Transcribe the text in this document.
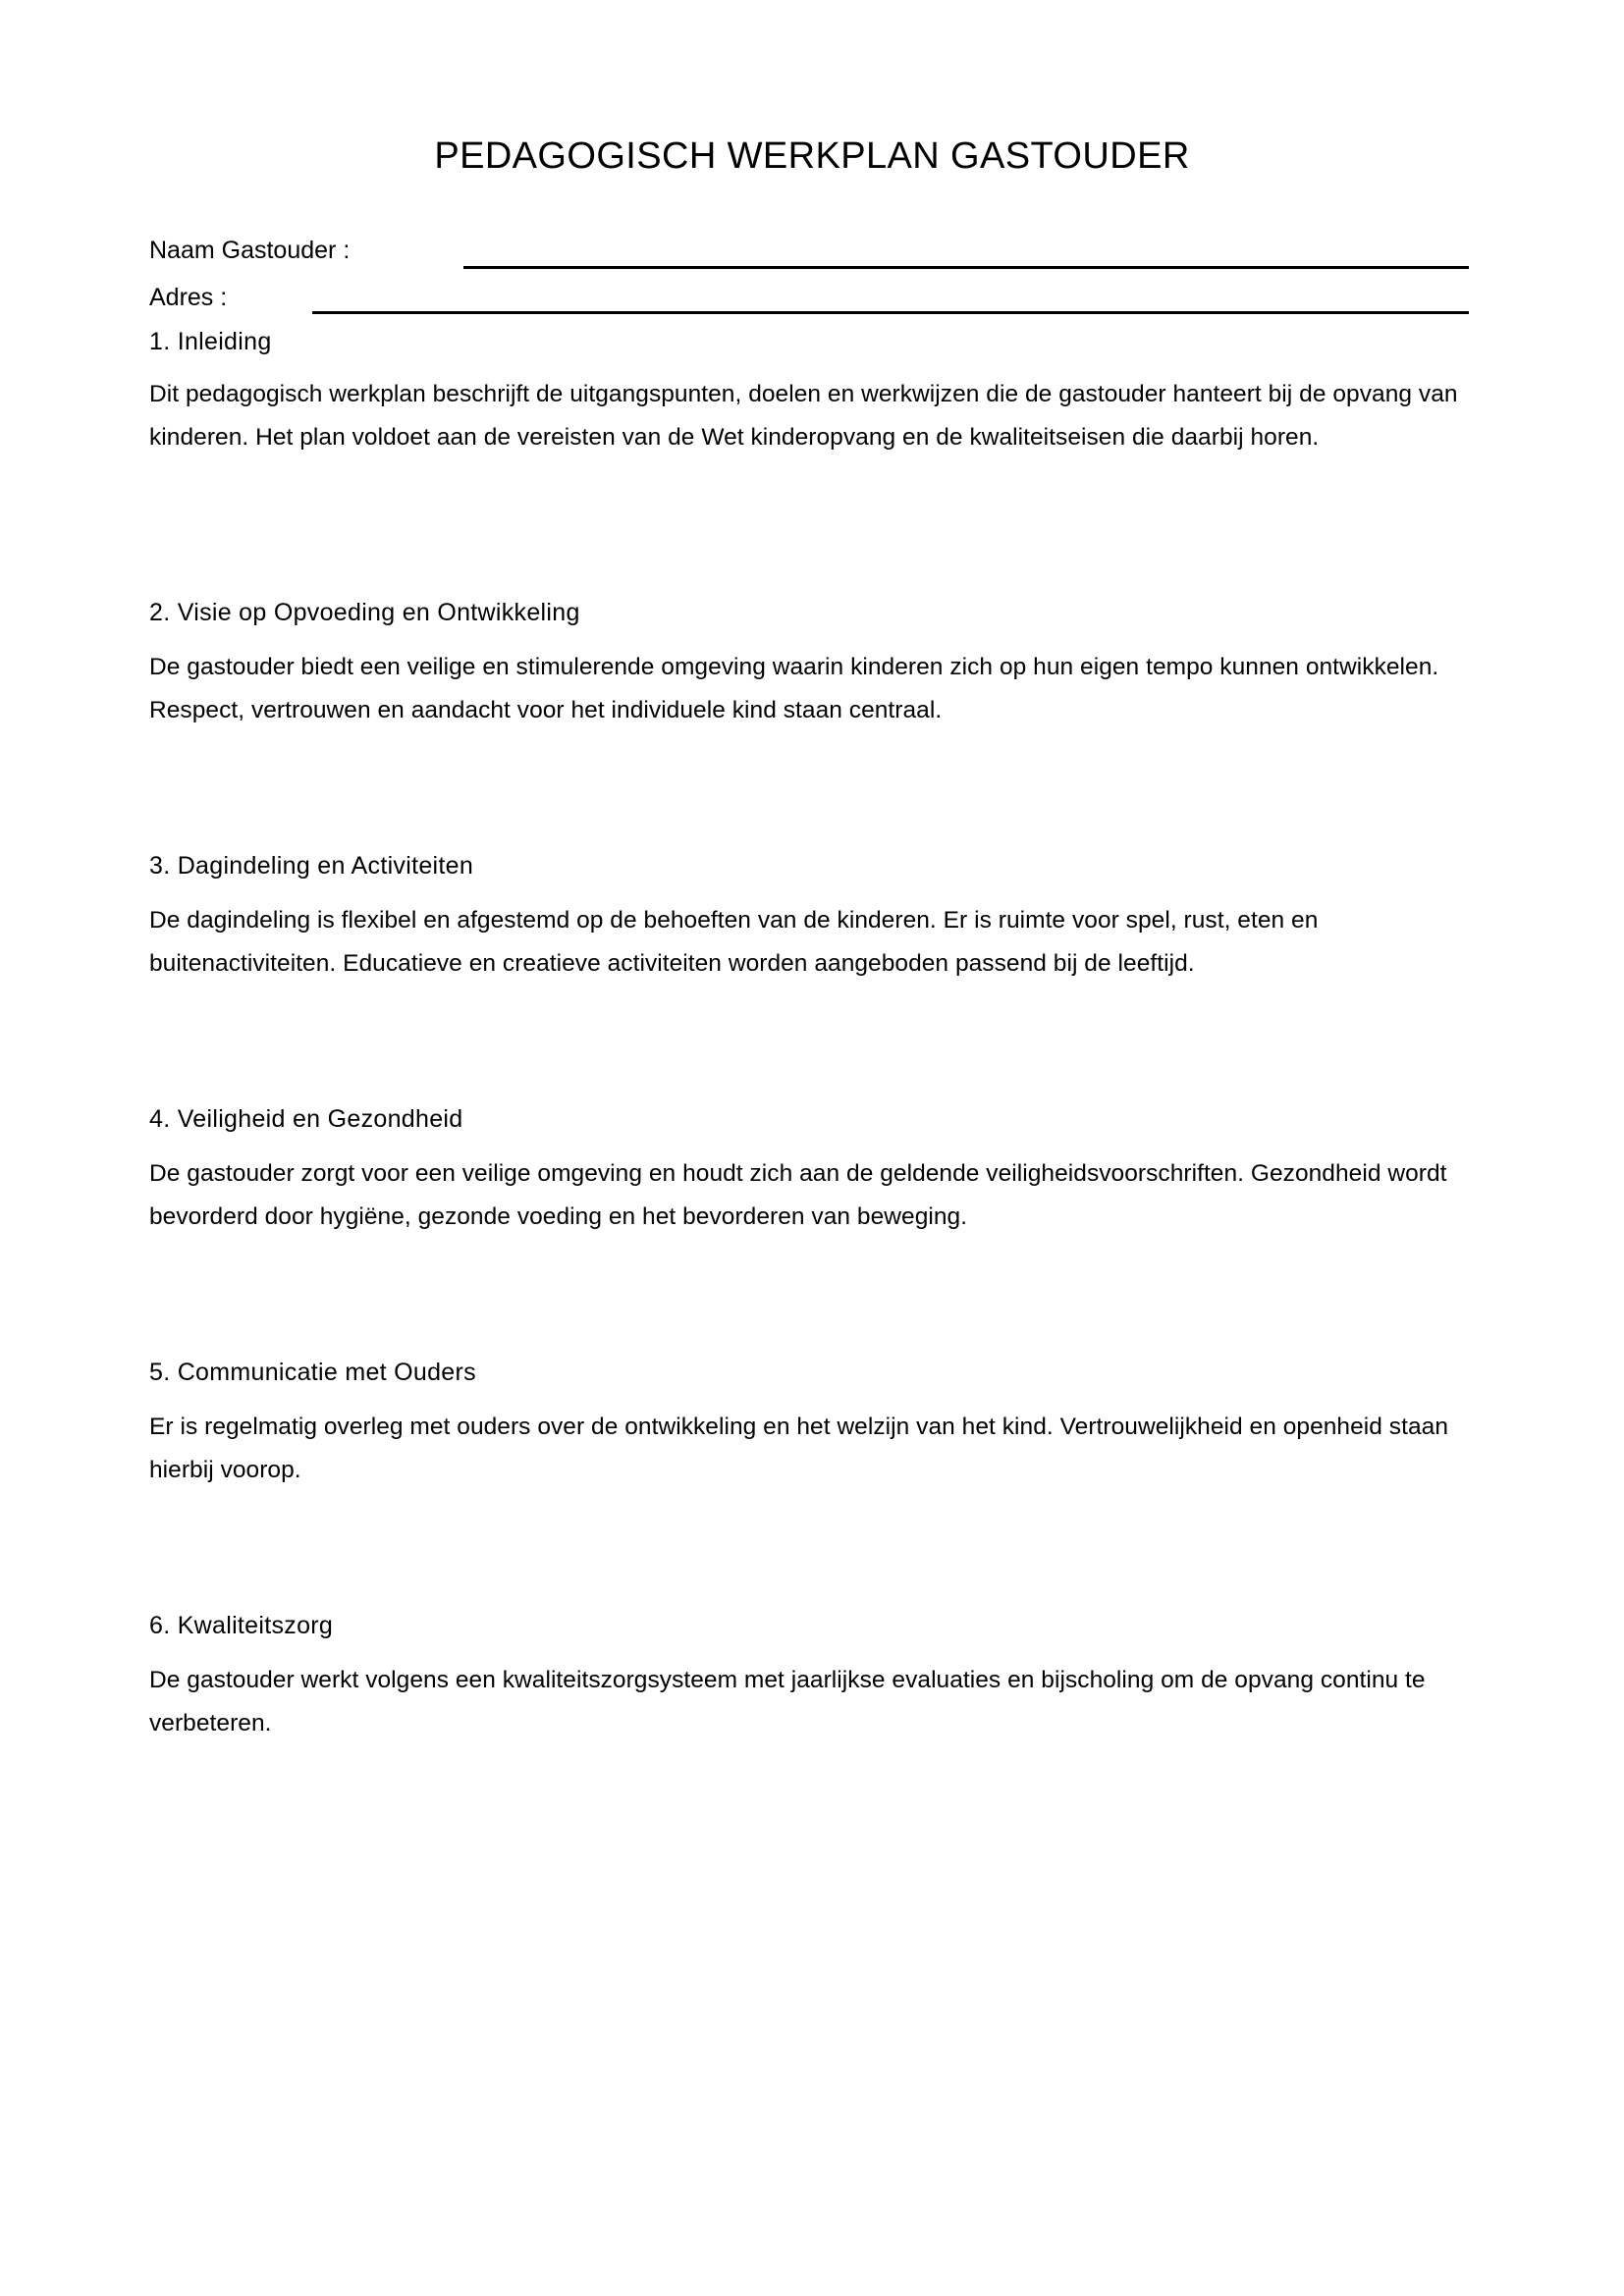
PEDAGOGISCH WERKPLAN GASTOUDER
Naam Gastouder :
Adres :
1. Inleiding

Dit pedagogisch werkplan beschrijft de uitgangspunten, doelen en werkwijzen die de gastouder hanteert bij de opvang van kinderen. Het plan voldoet aan de vereisten van de Wet kinderopvang en de kwaliteitseisen die daarbij horen.

2. Visie op Opvoeding en Ontwikkeling

De gastouder biedt een veilige en stimulerende omgeving waarin kinderen zich op hun eigen tempo kunnen ontwikkelen. Respect, vertrouwen en aandacht voor het individuele kind staan centraal.

3. Dagindeling en Activiteiten

De dagindeling is flexibel en afgestemd op de behoeften van de kinderen. Er is ruimte voor spel, rust, eten en buitenactiviteiten. Educatieve en creatieve activiteiten worden aangeboden passend bij de leeftijd.

4. Veiligheid en Gezondheid

De gastouder zorgt voor een veilige omgeving en houdt zich aan de geldende veiligheidsvoorschriften. Gezondheid wordt bevorderd door hygiëne, gezonde voeding en het bevorderen van beweging.

5. Communicatie met Ouders

Er is regelmatig overleg met ouders over de ontwikkeling en het welzijn van het kind. Vertrouwelijkheid en openheid staan hierbij voorop.

6. Kwaliteitszorg

De gastouder werkt volgens een kwaliteitszorgsysteem met jaarlijkse evaluaties en bijscholing om de opvang continu te verbeteren.
